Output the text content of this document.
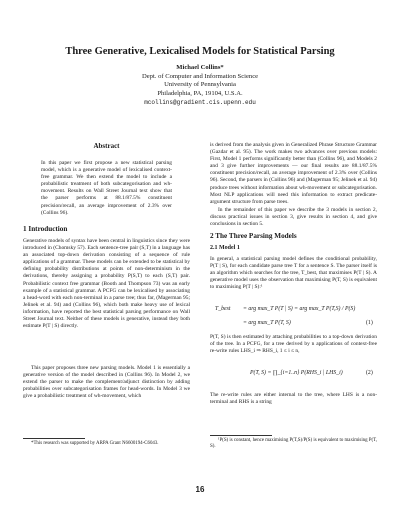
Three Generative, Lexicalised Models for Statistical Parsing
Michael Collins*
Dept. of Computer and Information Science
University of Pennsylvania
Philadelphia, PA, 19104, U.S.A.
mcollins@gradient.cis.upenn.edu
Abstract
In this paper we first propose a new statistical parsing model, which is a generative model of lexicalised context-free grammar. We then extend the model to include a probabilistic treatment of both subcategorisation and wh-movement. Results on Wall Street Journal text show that the parser performs at 88.1/87.5% constituent precision/recall, an average improvement of 2.3% over (Collins 96).
1 Introduction
Generative models of syntax have been central in linguistics since they were introduced in (Chomsky 57). Each sentence-tree pair (S,T) in a language has an associated top-down derivation consisting of a sequence of rule applications of a grammar. These models can be extended to be statistical by defining probability distributions at points of non-determinism in the derivations, thereby assigning a probability P(S,T) to each (S,T) pair. Probabilistic context free grammar (Booth and Thompson 73) was an early example of a statistical grammar. A PCFG can be lexicalised by associating a head-word with each non-terminal in a parse tree; thus far, (Magerman 95; Jelinek et al. 94) and (Collins 96), which both make heavy use of lexical information, have reported the best statistical parsing performance on Wall Street Journal text. Neither of these models is generative, instead they both estimate P(T | S) directly.
This paper proposes three new parsing models. Model 1 is essentially a generative version of the model described in (Collins 96). In Model 2, we extend the parser to make the complement/adjunct distinction by adding probabilities over subcategorisation frames for head-words. In Model 3 we give a probabilistic treatment of wh-movement, which
*This research was supported by ARPA Grant N6600194-C6043.
is derived from the analysis given in Generalized Phrase Structure Grammar (Gazdar et al. 95). The work makes two advances over previous models: First, Model 1 performs significantly better than (Collins 96), and Models 2 and 3 give further improvements — our final results are 88.1/87.5% constituent precision/recall, an average improvement of 2.3% over (Collins 96). Second, the parsers in (Collins 96) and (Magerman 95; Jelinek et al. 94) produce trees without information about wh-movement or subcategorisation. Most NLP applications will need this information to extract predicate-argument structure from parse trees.
In the remainder of this paper we describe the 3 models in section 2, discuss practical issues in section 3, give results in section 4, and give conclusions in section 5.
2 The Three Parsing Models
2.1 Model 1
In general, a statistical parsing model defines the conditional probability, P(T | S), for each candidate parse tree T for a sentence S. The parser itself is an algorithm which searches for the tree, T_best, that maximises P(T | S). A generative model uses the observation that maximising P(T, S) is equivalent to maximising P(T | S):¹
T_best = arg max_T P(T | S) = arg max_T P(T,S) / P(S)
= arg max_T P(T, S)	(1)
P(T, S) is then estimated by attaching probabilities to a top-down derivation of the tree. In a PCFG, for a tree derived by n applications of context-free re-write rules LHS_i ⇒ RHS_i, 1 ≤ i ≤ n,
P(T, S) = ∏_{i=1..n} P(RHS_i | LHS_i)	(2)
The re-write rules are either internal to the tree, where LHS is a non-terminal and RHS is a string
¹P(S) is constant, hence maximising P(T,S)/P(S) is equivalent to maximising P(T, S).
16
